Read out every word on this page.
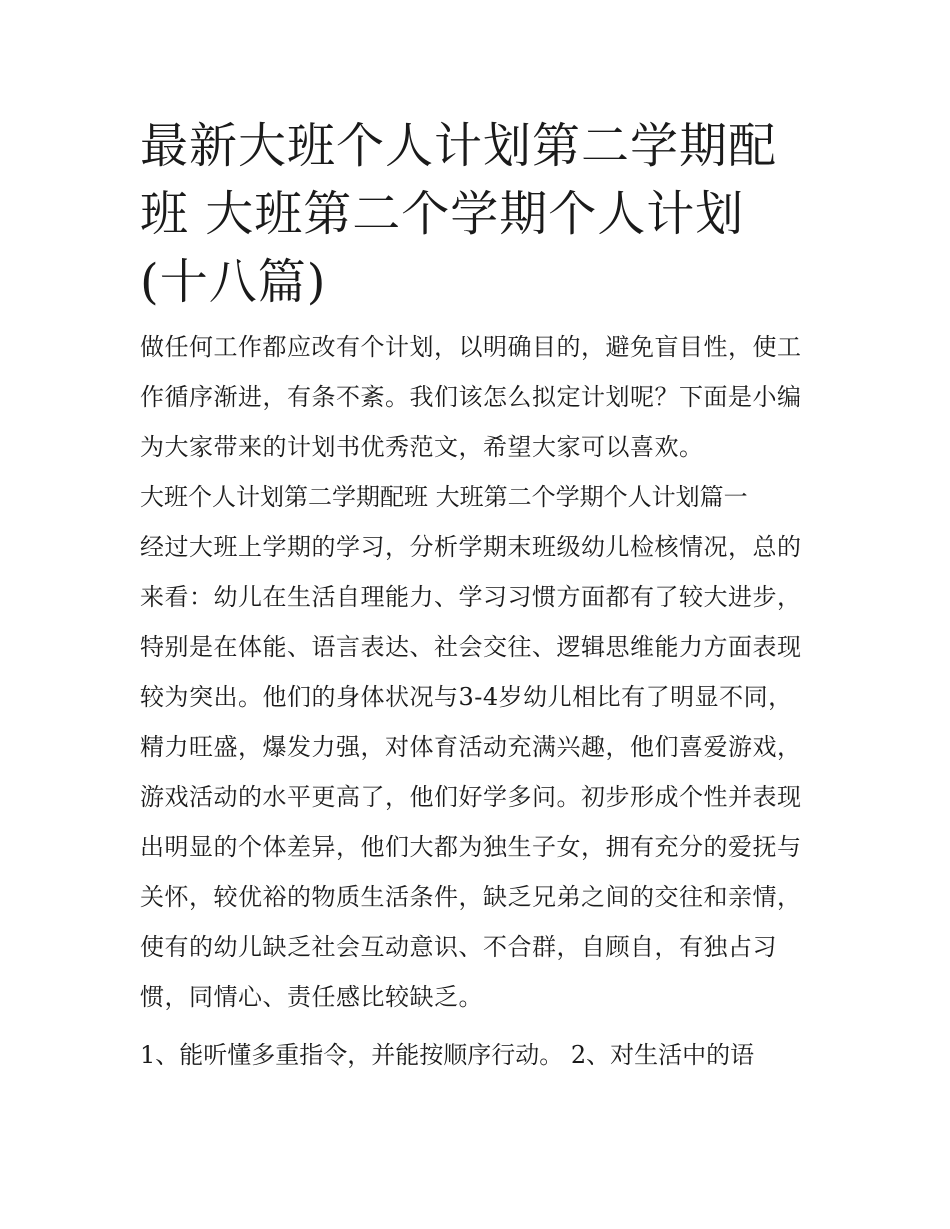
最新大班个人计划第二学期配
班 大班第二个学期个人计划
(十八篇)

做任何工作都应改有个计划，以明确目的，避免盲目性，使工
作循序渐进，有条不紊。我们该怎么拟定计划呢？下面是小编
为大家带来的计划书优秀范文，希望大家可以喜欢。

大班个人计划第二学期配班 大班第二个学期个人计划篇一

经过大班上学期的学习，分析学期末班级幼儿检核情况，总的
来看：幼儿在生活自理能力、学习习惯方面都有了较大进步，
特别是在体能、语言表达、社会交往、逻辑思维能力方面表现
较为突出。他们的身体状况与3-4岁幼儿相比有了明显不同，
精力旺盛，爆发力强，对体育活动充满兴趣，他们喜爱游戏，
游戏活动的水平更高了，他们好学多问。初步形成个性并表现
出明显的个体差异，他们大都为独生子女，拥有充分的爱抚与
关怀，较优裕的物质生活条件，缺乏兄弟之间的交往和亲情，
使有的幼儿缺乏社会互动意识、不合群，自顾自，有独占习
惯，同情心、责任感比较缺乏。

1、能听懂多重指令，并能按顺序行动。 2、对生活中的语
